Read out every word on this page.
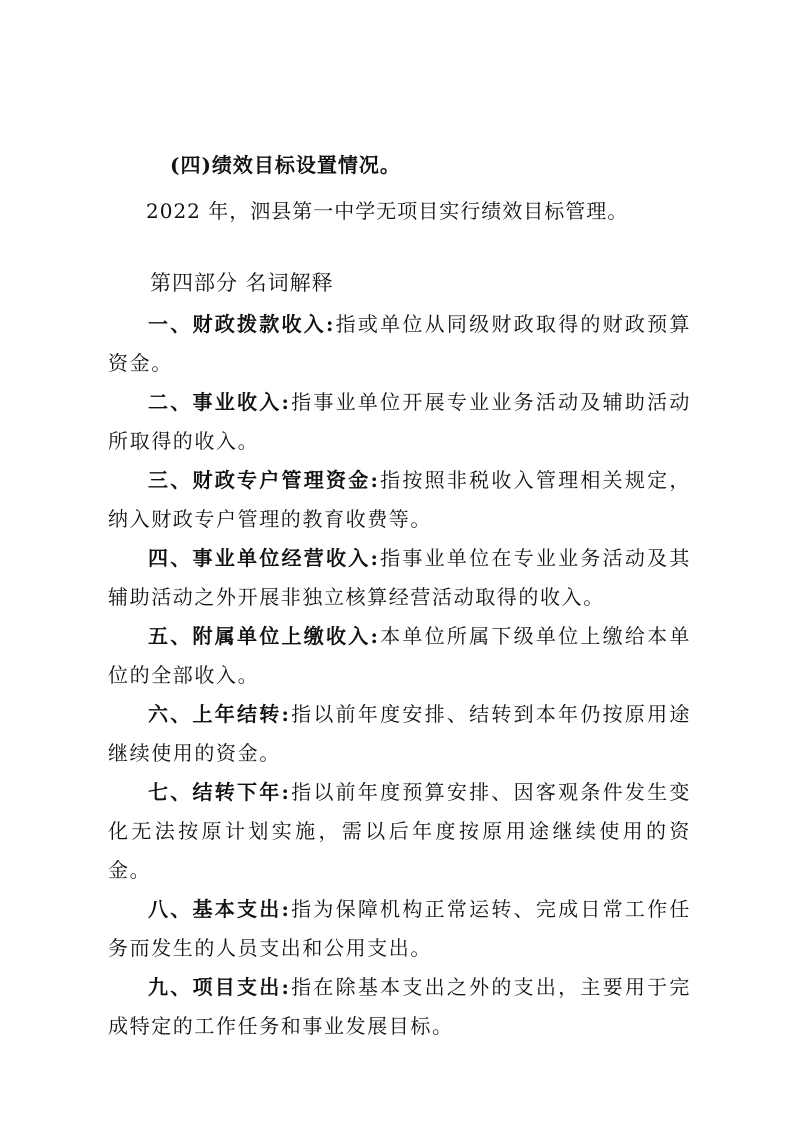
(四)绩效目标设置情况。
2022 年，泗县第一中学无项目实行绩效目标管理。
第四部分 名词解释
一、财政拨款收入:指或单位从同级财政取得的财政预算资金。
二、事业收入:指事业单位开展专业业务活动及辅助活动所取得的收入。
三、财政专户管理资金:指按照非税收入管理相关规定，纳入财政专户管理的教育收费等。
四、事业单位经营收入:指事业单位在专业业务活动及其辅助活动之外开展非独立核算经营活动取得的收入。
五、附属单位上缴收入:本单位所属下级单位上缴给本单位的全部收入。
六、上年结转:指以前年度安排、结转到本年仍按原用途继续使用的资金。
七、结转下年:指以前年度预算安排、因客观条件发生变化无法按原计划实施，需以后年度按原用途继续使用的资金。
八、基本支出:指为保障机构正常运转、完成日常工作任务而发生的人员支出和公用支出。
九、项目支出:指在除基本支出之外的支出，主要用于完成特定的工作任务和事业发展目标。
